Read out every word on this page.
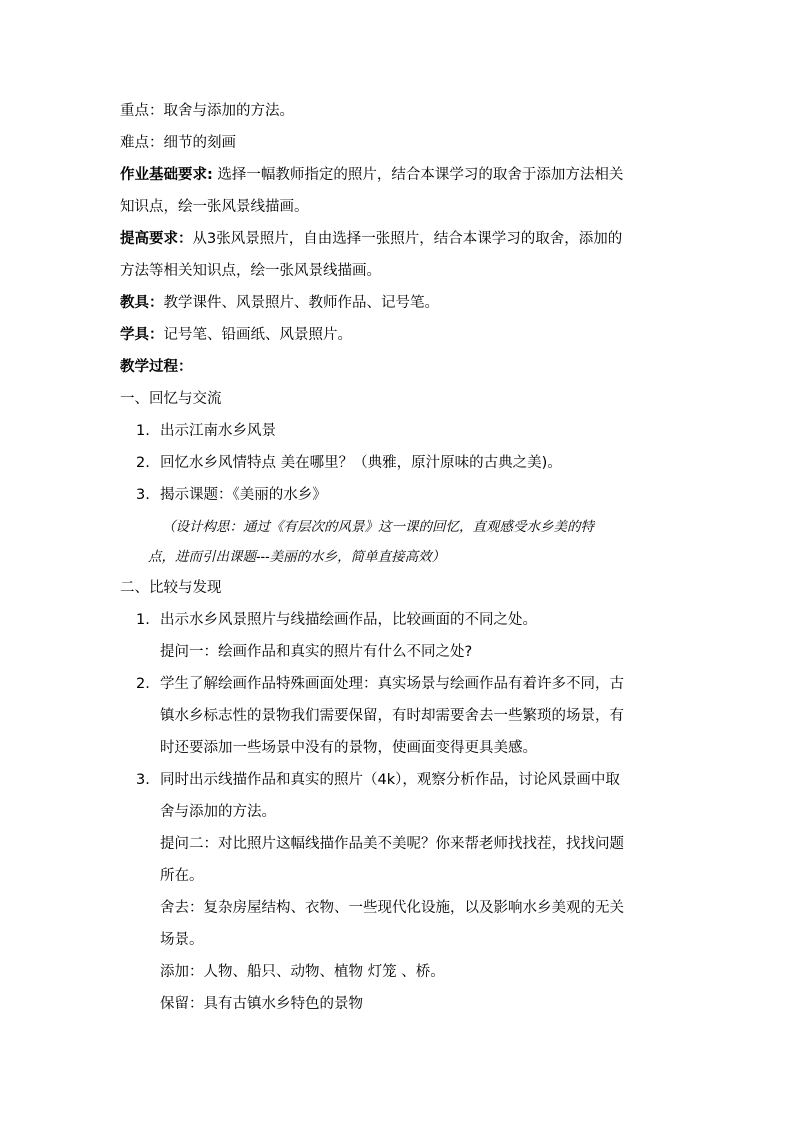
重点：取舍与添加的方法。
难点：细节的刻画
作业基础要求: 选择一幅教师指定的照片，结合本课学习的取舍于添加方法相关
知识点，绘一张风景线描画。
提高要求：从3张风景照片，自由选择一张照片，结合本课学习的取舍，添加的
方法等相关知识点，绘一张风景线描画。
教具：教学课件、风景照片、教师作品、记号笔。
学具：记号笔、铅画纸、风景照片。
教学过程：
一、回忆与交流
1. 出示江南水乡风景
2. 回忆水乡风情特点 美在哪里？（典雅，原汁原味的古典之美)。
3. 揭示课题：《美丽的水乡》
（设计构思：通过《有层次的风景》这一课的回忆，直观感受水乡美的特
点，进而引出课题---美丽的水乡，简单直接高效）
二、比较与发现
1. 出示水乡风景照片与线描绘画作品，比较画面的不同之处。
提问一：绘画作品和真实的照片有什么不同之处?
2. 学生了解绘画作品特殊画面处理：真实场景与绘画作品有着许多不同，古
镇水乡标志性的景物我们需要保留，有时却需要舍去一些繁琐的场景，有
时还要添加一些场景中没有的景物，使画面变得更具美感。
3. 同时出示线描作品和真实的照片（4k），观察分析作品，讨论风景画中取
舍与添加的方法。
提问二：对比照片这幅线描作品美不美呢？你来帮老师找找茬，找找问题
所在。
舍去：复杂房屋结构、衣物、一些现代化设施，以及影响水乡美观的无关
场景。
添加：人物、船只、动物、植物 灯笼 、桥。
保留：具有古镇水乡特色的景物
